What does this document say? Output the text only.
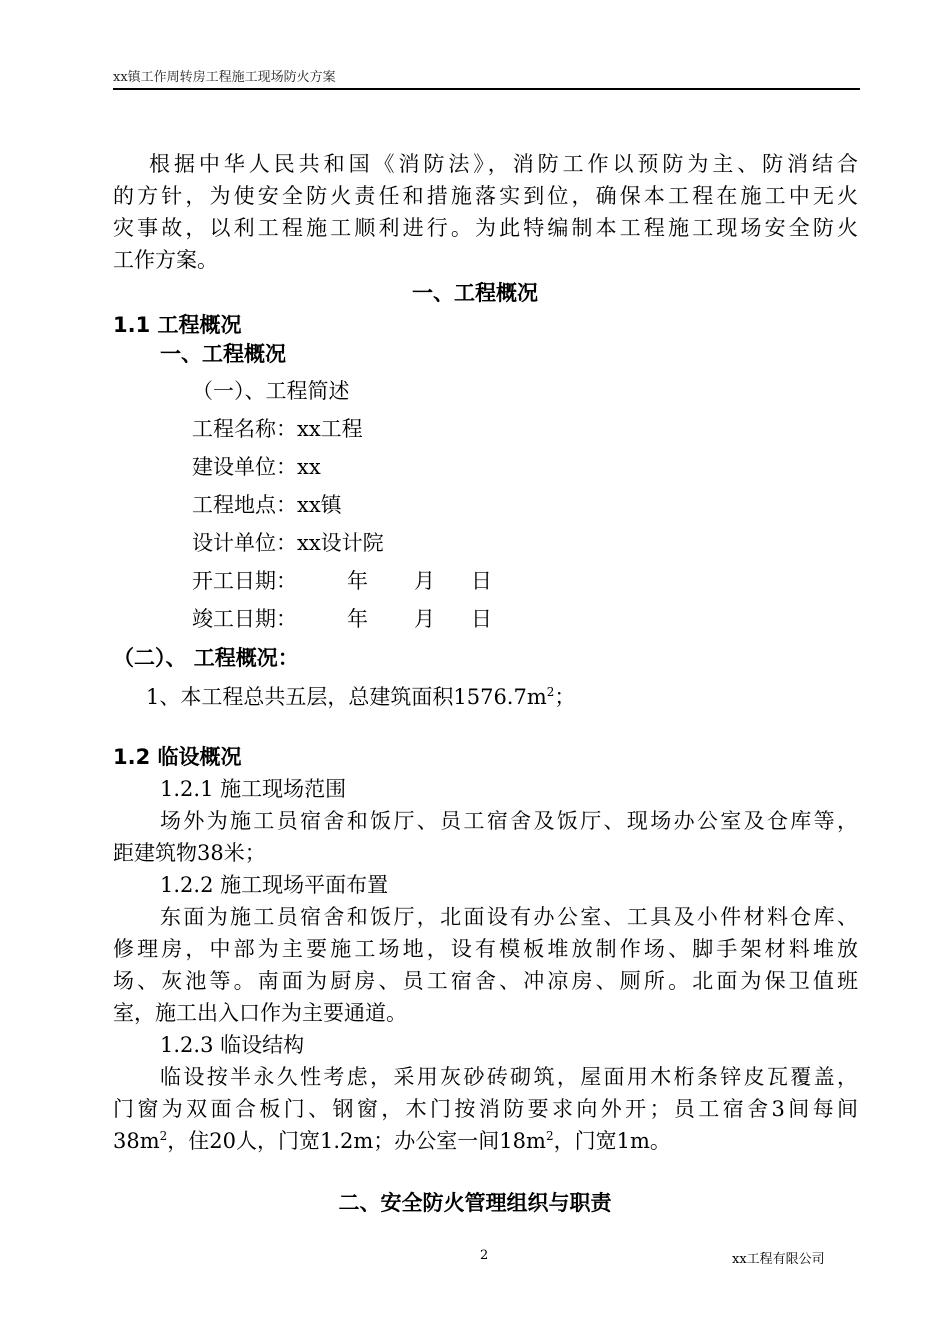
xx镇工作周转房工程施工现场防火方案
根据中华人民共和国《消防法》，消防工作以预防为主、防消结合
的方针，为使安全防火责任和措施落实到位，确保本工程在施工中无火
灾事故，以利工程施工顺利进行。为此特编制本工程施工现场安全防火
工作方案。
一、工程概况
1.1 工程概况
一、工程概况
（一）、工程简述
工程名称：xx工程
建设单位：xx
工程地点：xx镇
设计单位：xx设计院
开工日期： 年 月 日
竣工日期： 年 月 日
（二）、 工程概况：
1、本工程总共五层，总建筑面积$1576.7m^2$；
1.2 临设概况
1.2.1 施工现场范围
场外为施工员宿舍和饭厅、员工宿舍及饭厅、现场办公室及仓库等，
距建筑物38米；
1.2.2 施工现场平面布置
东面为施工员宿舍和饭厅，北面设有办公室、工具及小件材料仓库、
修理房，中部为主要施工场地，设有模板堆放制作场、脚手架材料堆放
场、灰池等。南面为厨房、员工宿舍、冲凉房、厕所。北面为保卫值班
室，施工出入口作为主要通道。
1.2.3 临设结构
临设按半永久性考虑，采用灰砂砖砌筑，屋面用木桁条锌皮瓦覆盖，
门窗为双面合板门、钢窗，木门按消防要求向外开；员工宿舍3间每间
$38m^2$，住20人，门宽1.2m；办公室一间$18m^2$，门宽1m。
二、安全防火管理组织与职责
2	xx工程有限公司
